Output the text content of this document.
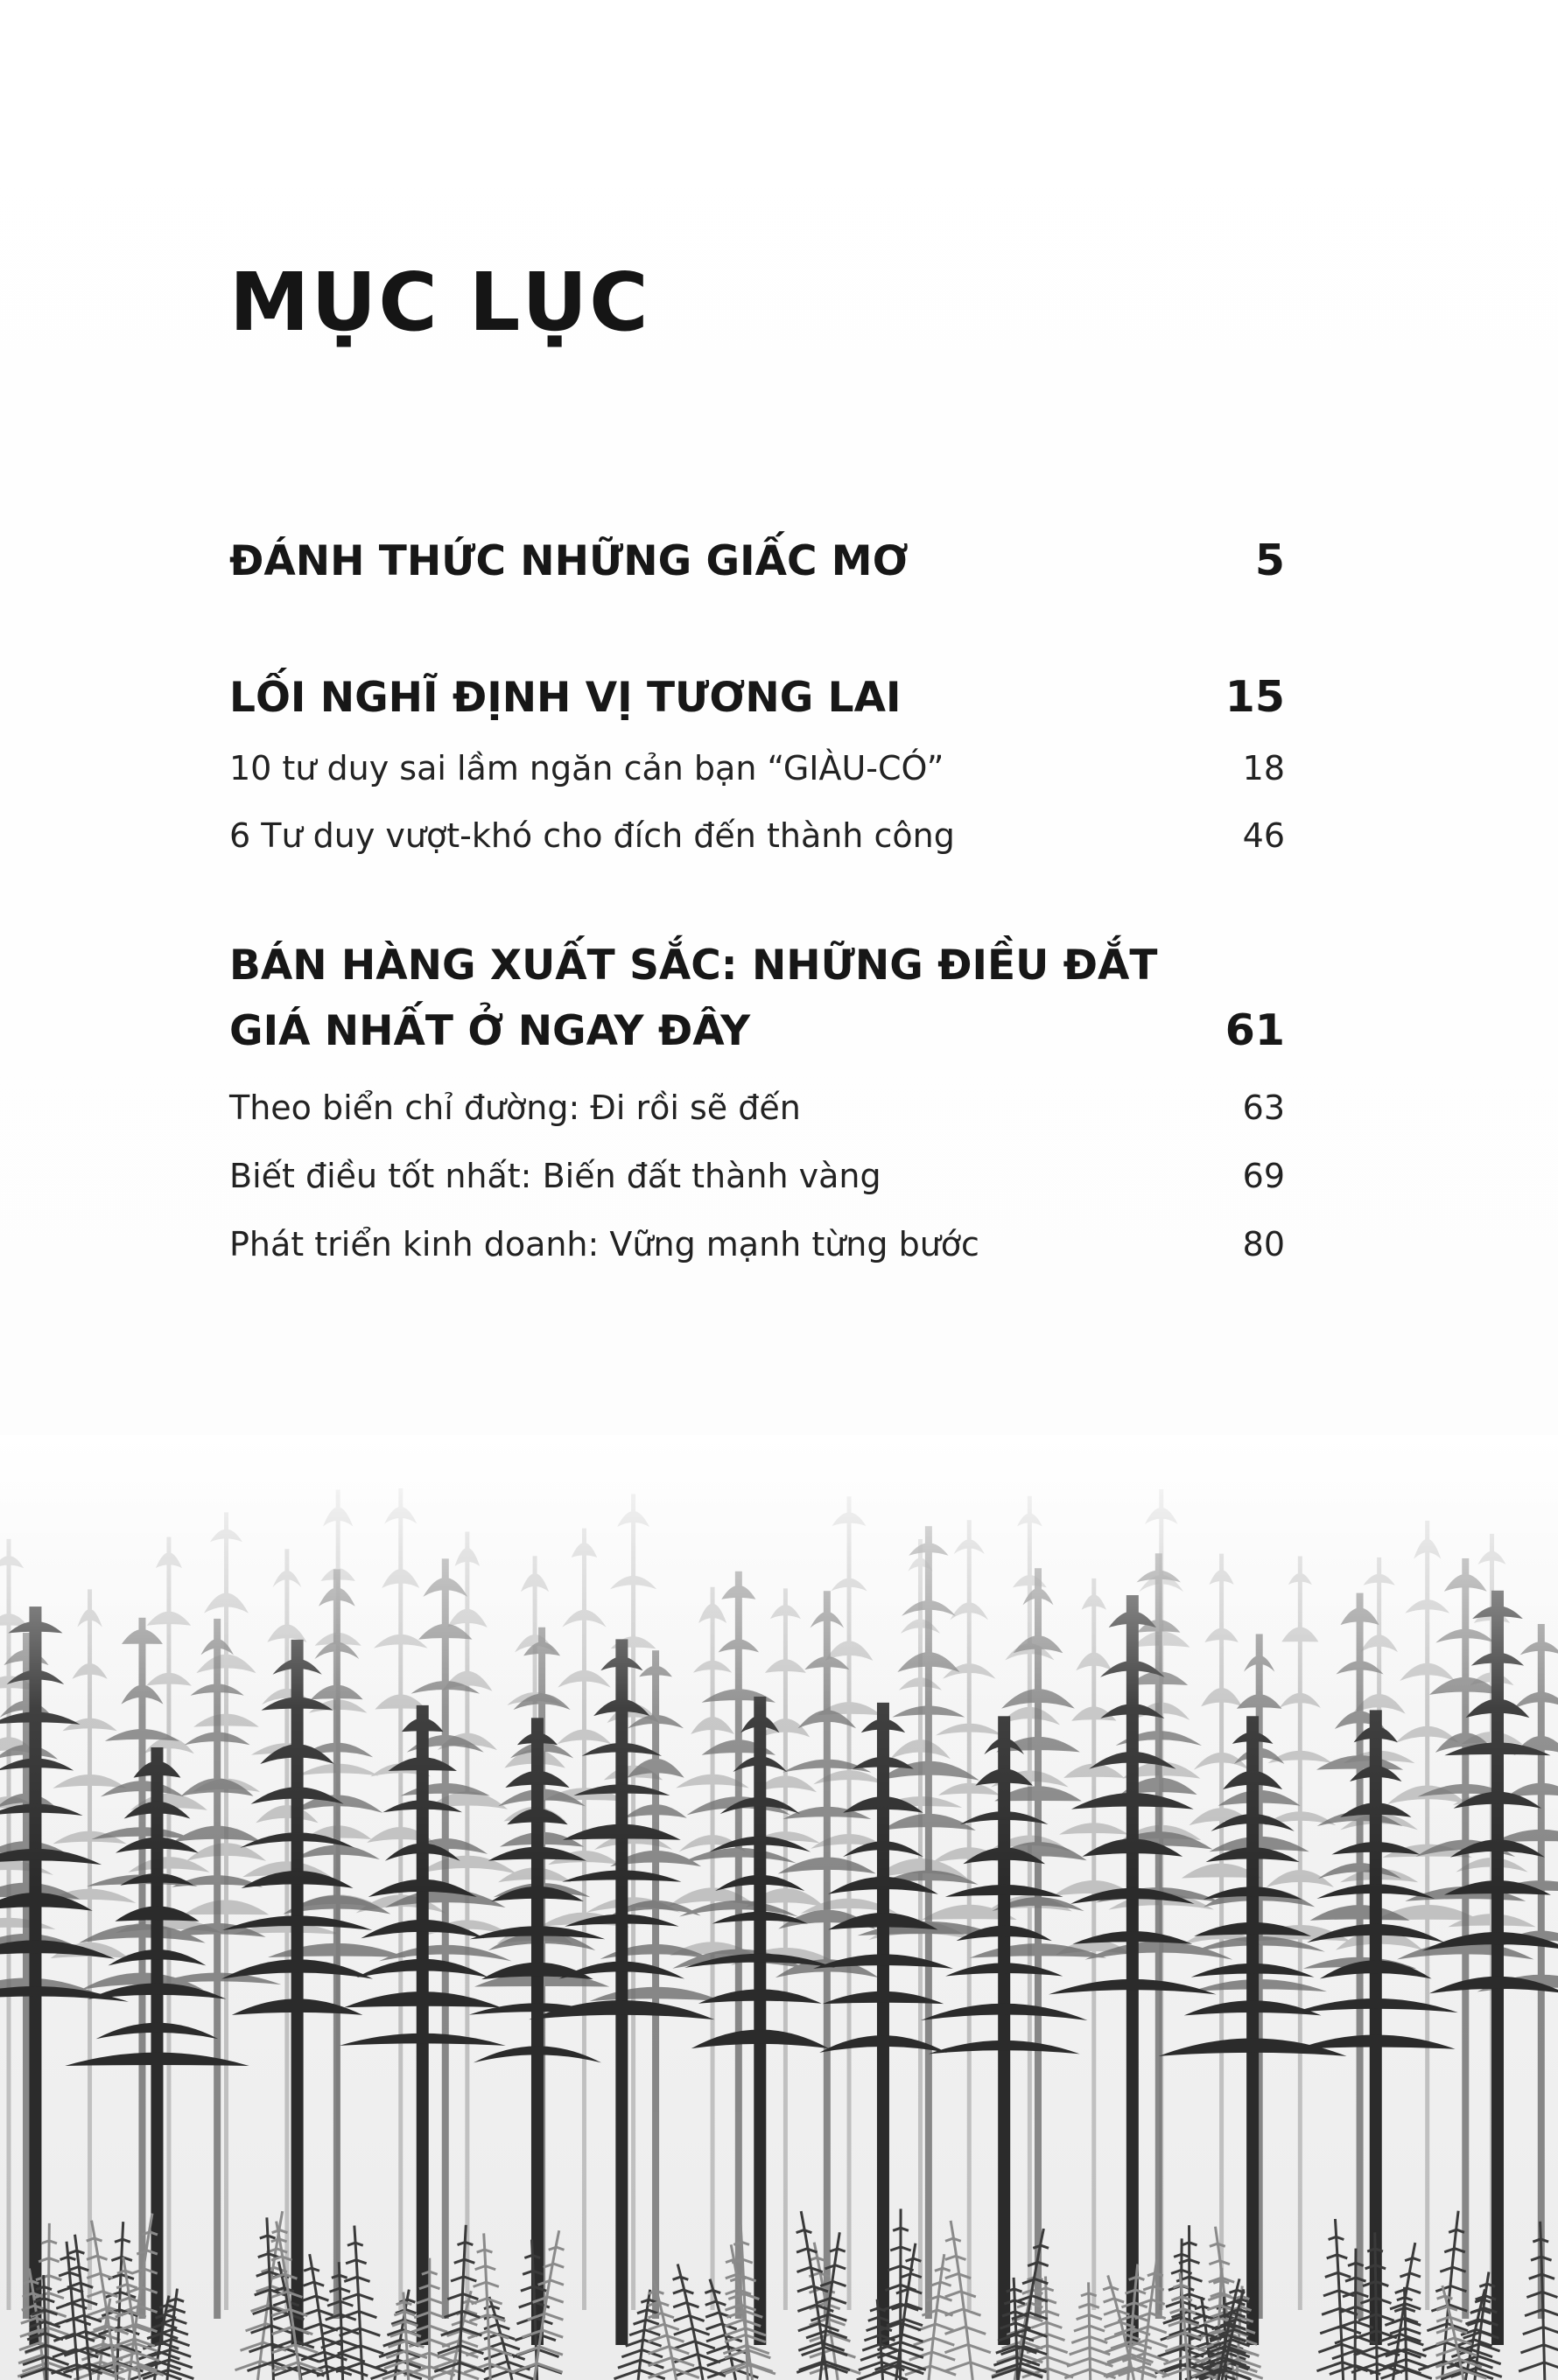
MỤC LỤC
ĐÁNH THỨC NHỮNG GIẤC MƠ	5
LỐI NGHĨ ĐỊNH VỊ TƯƠNG LAI	15
10 tư duy sai lầm ngăn cản bạn “GIÀU-CÓ”	18
6 Tư duy vượt-khó cho đích đến thành công	46
BÁN HÀNG XUẤT SẮC: NHỮNG ĐIỀU ĐẮT
GIÁ NHẤT Ở NGAY ĐÂY	61
Theo biển chỉ đường: Đi rồi sẽ đến	63
Biết điều tốt nhất: Biến đất thành vàng	69
Phát triển kinh doanh: Vững mạnh từng bước	80
